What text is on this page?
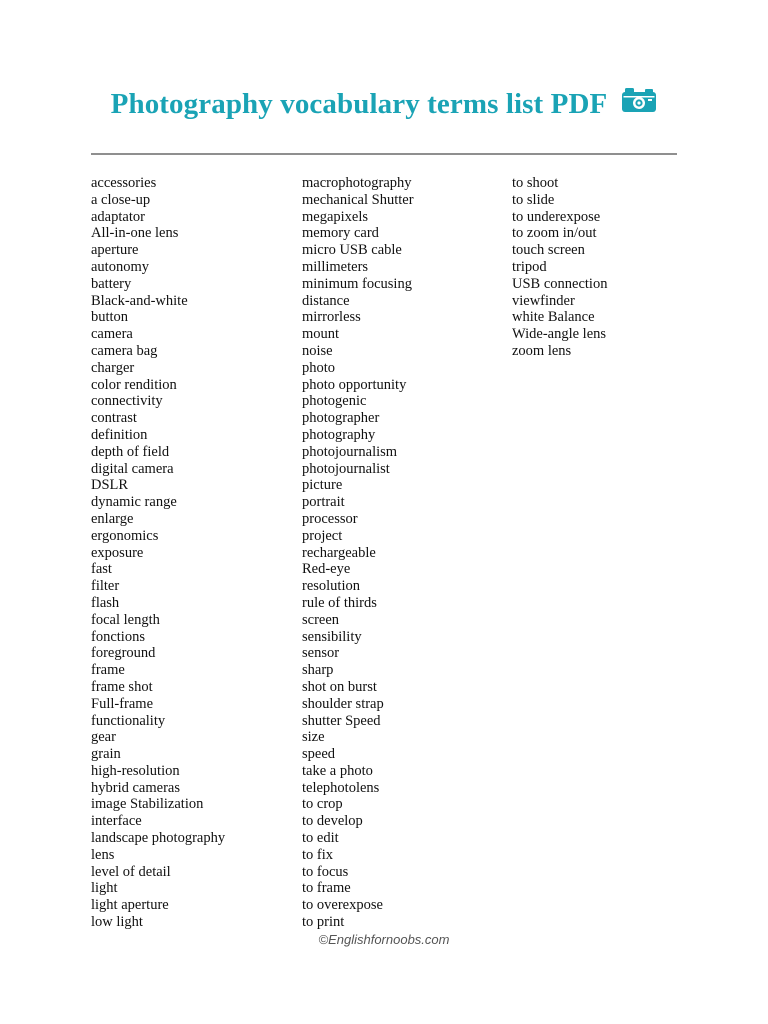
Photography vocabulary terms list PDF
accessories
a close-up
adaptator
All-in-one lens
aperture
autonomy
battery
Black-and-white
button
camera
camera bag
charger
color rendition
connectivity
contrast
definition
depth of field
digital camera
DSLR
dynamic range
enlarge
ergonomics
exposure
fast
filter
flash
focal length
fonctions
foreground
frame
frame shot
Full-frame
functionality
gear
grain
high-resolution
hybrid cameras
image Stabilization
interface
landscape photography
lens
level of detail
light
light aperture
low light
macrophotography
mechanical Shutter
megapixels
memory card
micro USB cable
millimeters
minimum focusing
distance
mirrorless
mount
noise
photo
photo opportunity
photogenic
photographer
photography
photojournalism
photojournalist
picture
portrait
processor
project
rechargeable
Red-eye
resolution
rule of thirds
screen
sensibility
sensor
sharp
shot on burst
shoulder strap
shutter Speed
size
speed
take a photo
telephotolens
to crop
to develop
to edit
to fix
to focus
to frame
to overexpose
to print
to shoot
to slide
to underexpose
to zoom in/out
touch screen
tripod
USB connection
viewfinder
white Balance
Wide-angle lens
zoom lens
©Englishfornoobs.com
